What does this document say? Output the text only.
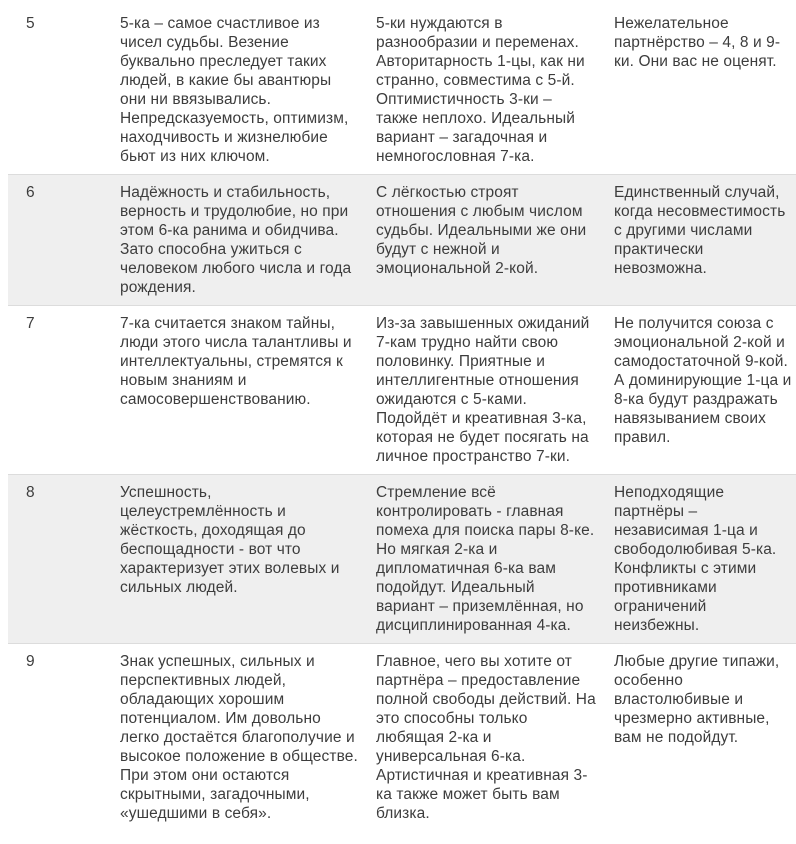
5	5-ка – самое счастливое из чисел судьбы. Везение буквально преследует таких людей, в какие бы авантюры они ни ввязывались. Непредсказуемость, оптимизм, находчивость и жизнелюбие бьют из них ключом.	5-ки нуждаются в разнообразии и переменах. Авторитарность 1-цы, как ни странно, совместима с 5-й. Оптимистичность 3-ки – также неплохо. Идеальный вариант – загадочная и немногословная 7-ка.	Нежелательное партнёрство – 4, 8 и 9-ки. Они вас не оценят.

6	Надёжность и стабильность, верность и трудолюбие, но при этом 6-ка ранима и обидчива. Зато способна ужиться с человеком любого числа и года рождения.	С лёгкостью строят отношения с любым числом судьбы. Идеальными же они будут с нежной и эмоциональной 2-кой.	Единственный случай, когда несовместимость с другими числами практически невозможна.

7	7-ка считается знаком тайны, люди этого числа талантливы и интеллектуальны, стремятся к новым знаниям и самосовершенствованию.	Из-за завышенных ожиданий 7-кам трудно найти свою половинку. Приятные и интеллигентные отношения ожидаются с 5-ками. Подойдёт и креативная 3-ка, которая не будет посягать на личное пространство 7-ки.	Не получится союза с эмоциональной 2-кой и самодостаточной 9-кой. А доминирующие 1-ца и 8-ка будут раздражать навязыванием своих правил.

8	Успешность, целеустремлённость и жёсткость, доходящая до беспощадности - вот что характеризует этих волевых и сильных людей.	Стремление всё контролировать - главная помеха для поиска пары 8-ке. Но мягкая 2-ка и дипломатичная 6-ка вам подойдут. Идеальный вариант – приземлённая, но дисциплинированная 4-ка.	Неподходящие партнёры – независимая 1-ца и свободолюбивая 5-ка. Конфликты с этими противниками ограничений неизбежны.

9	Знак успешных, сильных и перспективных людей, обладающих хорошим потенциалом. Им довольно легко достаётся благополучие и высокое положение в обществе. При этом они остаются скрытными, загадочными, «ушедшими в себя».	Главное, чего вы хотите от партнёра – предоставление полной свободы действий. На это способны только любящая 2-ка и универсальная 6-ка. Артистичная и креативная 3-ка также может быть вам близка.	Любые другие типажи, особенно властолюбивые и чрезмерно активные, вам не подойдут.
